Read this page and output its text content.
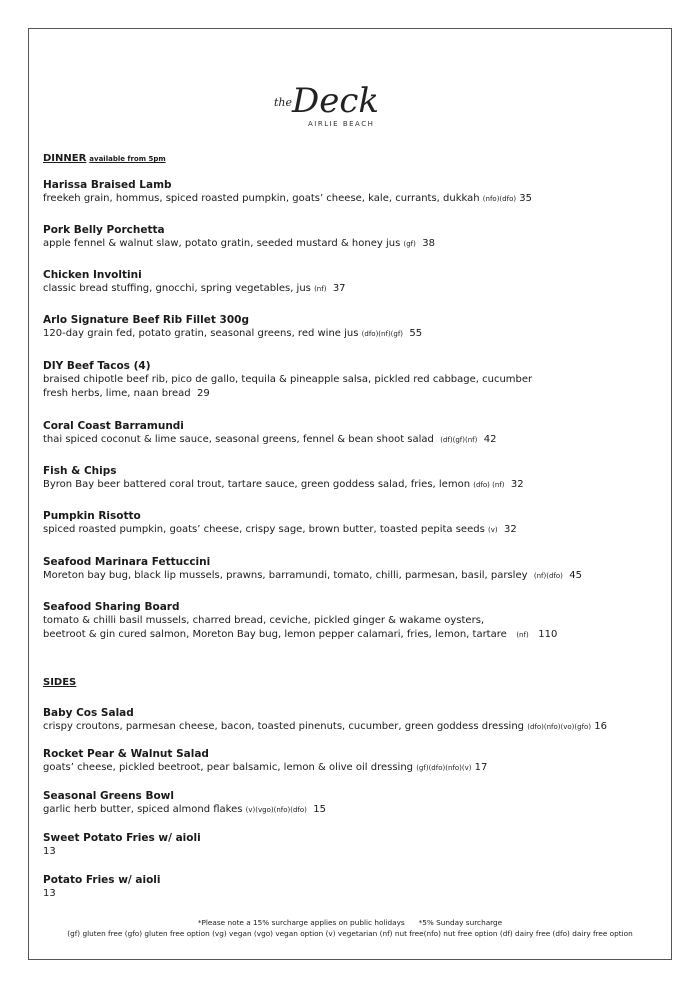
the Deck
AIRLIE BEACH
DINNER available from 5pm
Harissa Braised Lamb
freekeh grain, hommus, spiced roasted pumpkin, goats’ cheese, kale, currants, dukkah (nfo)(dfo) 35
Pork Belly Porchetta
apple fennel & walnut slaw, potato gratin, seeded mustard & honey jus (gf) 38
Chicken Involtini
classic bread stuffing, gnocchi, spring vegetables, jus (nf) 37
Arlo Signature Beef Rib Fillet 300g
120-day grain fed, potato gratin, seasonal greens, red wine jus (dfo)(nf)(gf) 55
DIY Beef Tacos (4)
braised chipotle beef rib, pico de gallo, tequila & pineapple salsa, pickled red cabbage, cucumber
fresh herbs, lime, naan bread 29
Coral Coast Barramundi
thai spiced coconut & lime sauce, seasonal greens, fennel & bean shoot salad (df)(gf)(nf) 42
Fish & Chips
Byron Bay beer battered coral trout, tartare sauce, green goddess salad, fries, lemon (dfo) (nf) 32
Pumpkin Risotto
spiced roasted pumpkin, goats’ cheese, crispy sage, brown butter, toasted pepita seeds (v) 32
Seafood Marinara Fettuccini
Moreton bay bug, black lip mussels, prawns, barramundi, tomato, chilli, parmesan, basil, parsley (nf)(dfo) 45
Seafood Sharing Board
tomato & chilli basil mussels, charred bread, ceviche, pickled ginger & wakame oysters,
beetroot & gin cured salmon, Moreton Bay bug, lemon pepper calamari, fries, lemon, tartare (nf) 110
SIDES
Baby Cos Salad
crispy croutons, parmesan cheese, bacon, toasted pinenuts, cucumber, green goddess dressing (dfo)(nfo)(vo)(gfo) 16
Rocket Pear & Walnut Salad
goats’ cheese, pickled beetroot, pear balsamic, lemon & olive oil dressing (gf)(dfo)(nfo)(v) 17
Seasonal Greens Bowl
garlic herb butter, spiced almond flakes (v)(vgo)(nfo)(dfo) 15
Sweet Potato Fries w/ aioli
13
Potato Fries w/ aioli
13
*Please note a 15% surcharge applies on public holidays *5% Sunday surcharge
(gf) gluten free (gfo) gluten free option (vg) vegan (vgo) vegan option (v) vegetarian (nf) nut free(nfo) nut free option (df) dairy free (dfo) dairy free option
